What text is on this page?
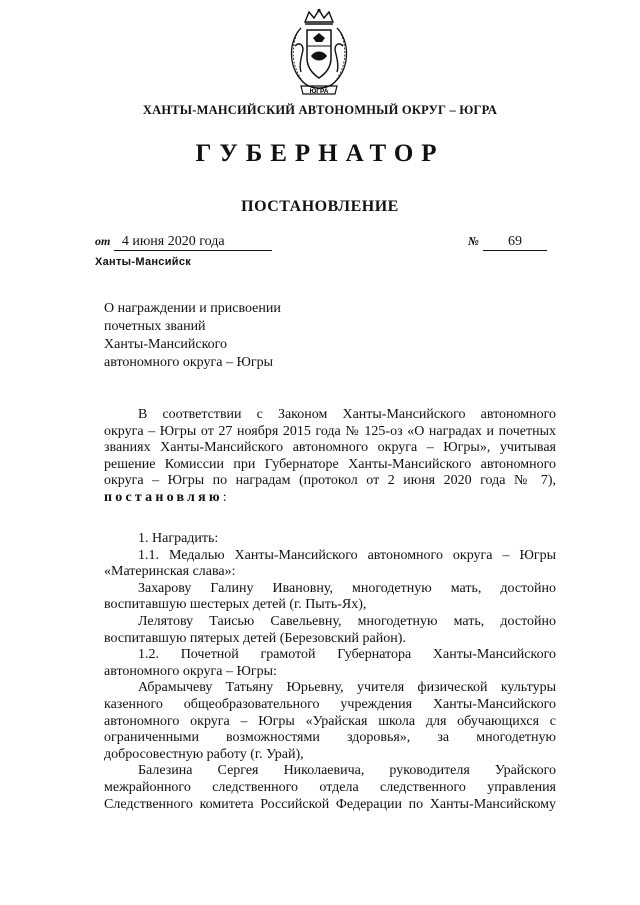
ЮГРА
ХАНТЫ-МАНСИЙСКИЙ АВТОНОМНЫЙ ОКРУГ – ЮГРА
ГУБЕРНАТОР
ПОСТАНОВЛЕНИЕ
от 4 июня 2020 года	№ 69
Ханты-Мансийск
О награждении и присвоении
почетных званий
Ханты-Мансийского
автономного округа – Югры
В соответствии с Законом Ханты-Мансийского автономного
округа – Югры от 27 ноября 2015 года № 125-оз «О наградах и почетных
званиях Ханты-Мансийского автономного округа – Югры», учитывая
решение Комиссии при Губернаторе Ханты-Мансийского автономного
округа – Югры по наградам (протокол от 2 июня 2020 года № 7),
постановляю:
1. Наградить:
1.1. Медалью Ханты-Мансийского автономного округа – Югры
«Материнская слава»:
Захарову Галину Ивановну, многодетную мать, достойно
воспитавшую шестерых детей (г. Пыть-Ях),
Лелятову Таисью Савельевну, многодетную мать, достойно
воспитавшую пятерых детей (Березовский район).
1.2. Почетной грамотой Губернатора Ханты-Мансийского
автономного округа – Югры:
Абрамычеву Татьяну Юрьевну, учителя физической культуры
казенного общеобразовательного учреждения Ханты-Мансийского
автономного округа – Югры «Урайская школа для обучающихся с
ограниченными возможностями здоровья», за многодетную
добросовестную работу (г. Урай),
Балезина Сергея Николаевича, руководителя Урайского
межрайонного следственного отдела следственного управления
Следственного комитета Российской Федерации по Ханты-Мансийскому
